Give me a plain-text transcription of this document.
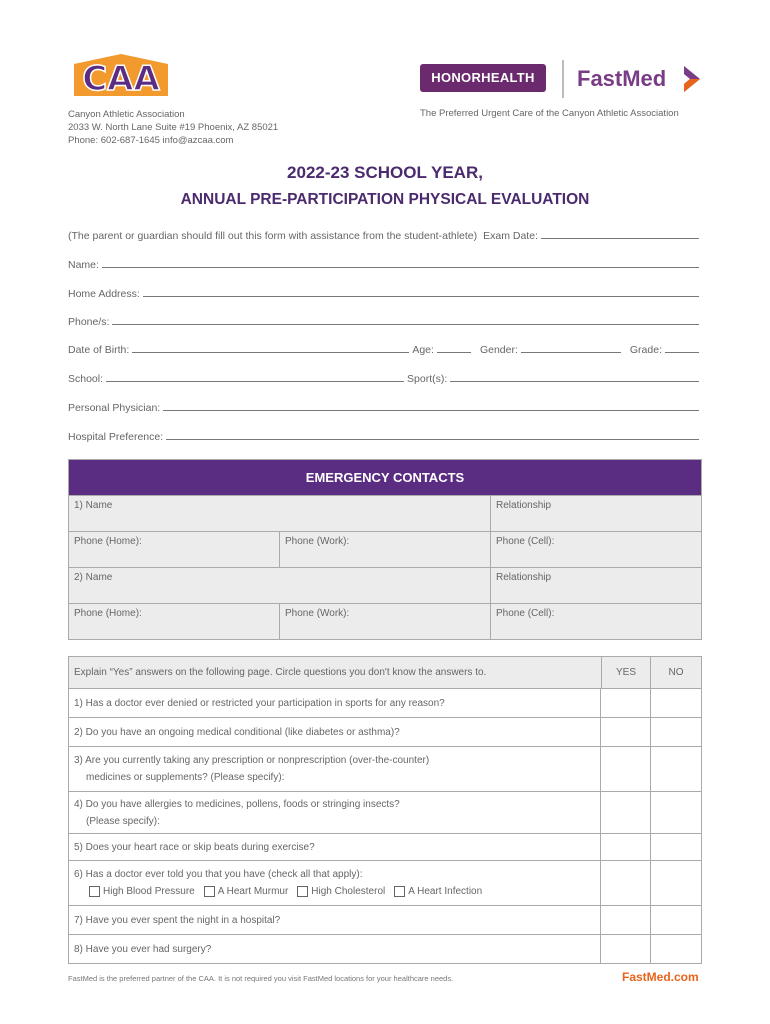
CAA
Canyon Athletic Association
2033 W. North Lane Suite #19 Phoenix, AZ 85021
Phone: 602-687-1645 info@azcaa.com
HONORHEALTH	FastMed
The Preferred Urgent Care of the Canyon Athletic Association
2022-23 SCHOOL YEAR,
ANNUAL PRE-PARTICIPATION PHYSICAL EVALUATION
(The parent or guardian should fill out this form with assistance from the student-athlete) Exam Date:
Name:
Home Address:
Phone/s:
Date of Birth:	Age:	Gender:	Grade:
School:	Sport(s):
Personal Physician:
Hospital Preference:
EMERGENCY CONTACTS
1) Name	Relationship
Phone (Home):	Phone (Work):	Phone (Cell):
2) Name	Relationship
Phone (Home):	Phone (Work):	Phone (Cell):
Explain “Yes” answers on the following page. Circle questions you don't know the answers to.	YES	NO
1) Has a doctor ever denied or restricted your participation in sports for any reason?
2) Do you have an ongoing medical conditional (like diabetes or asthma)?
3) Are you currently taking any prescription or nonprescription (over-the-counter)
medicines or supplements? (Please specify):
4) Do you have allergies to medicines, pollens, foods or stringing insects?
(Please specify):
5) Does your heart race or skip beats during exercise?
6) Has a doctor ever told you that you have (check all that apply):
High Blood Pressure A Heart Murmur High Cholesterol A Heart Infection
7) Have you ever spent the night in a hospital?
8) Have you ever had surgery?
FastMed is the preferred partner of the CAA. It is not required you visit FastMed locations for your healthcare needs.	FastMed.com
